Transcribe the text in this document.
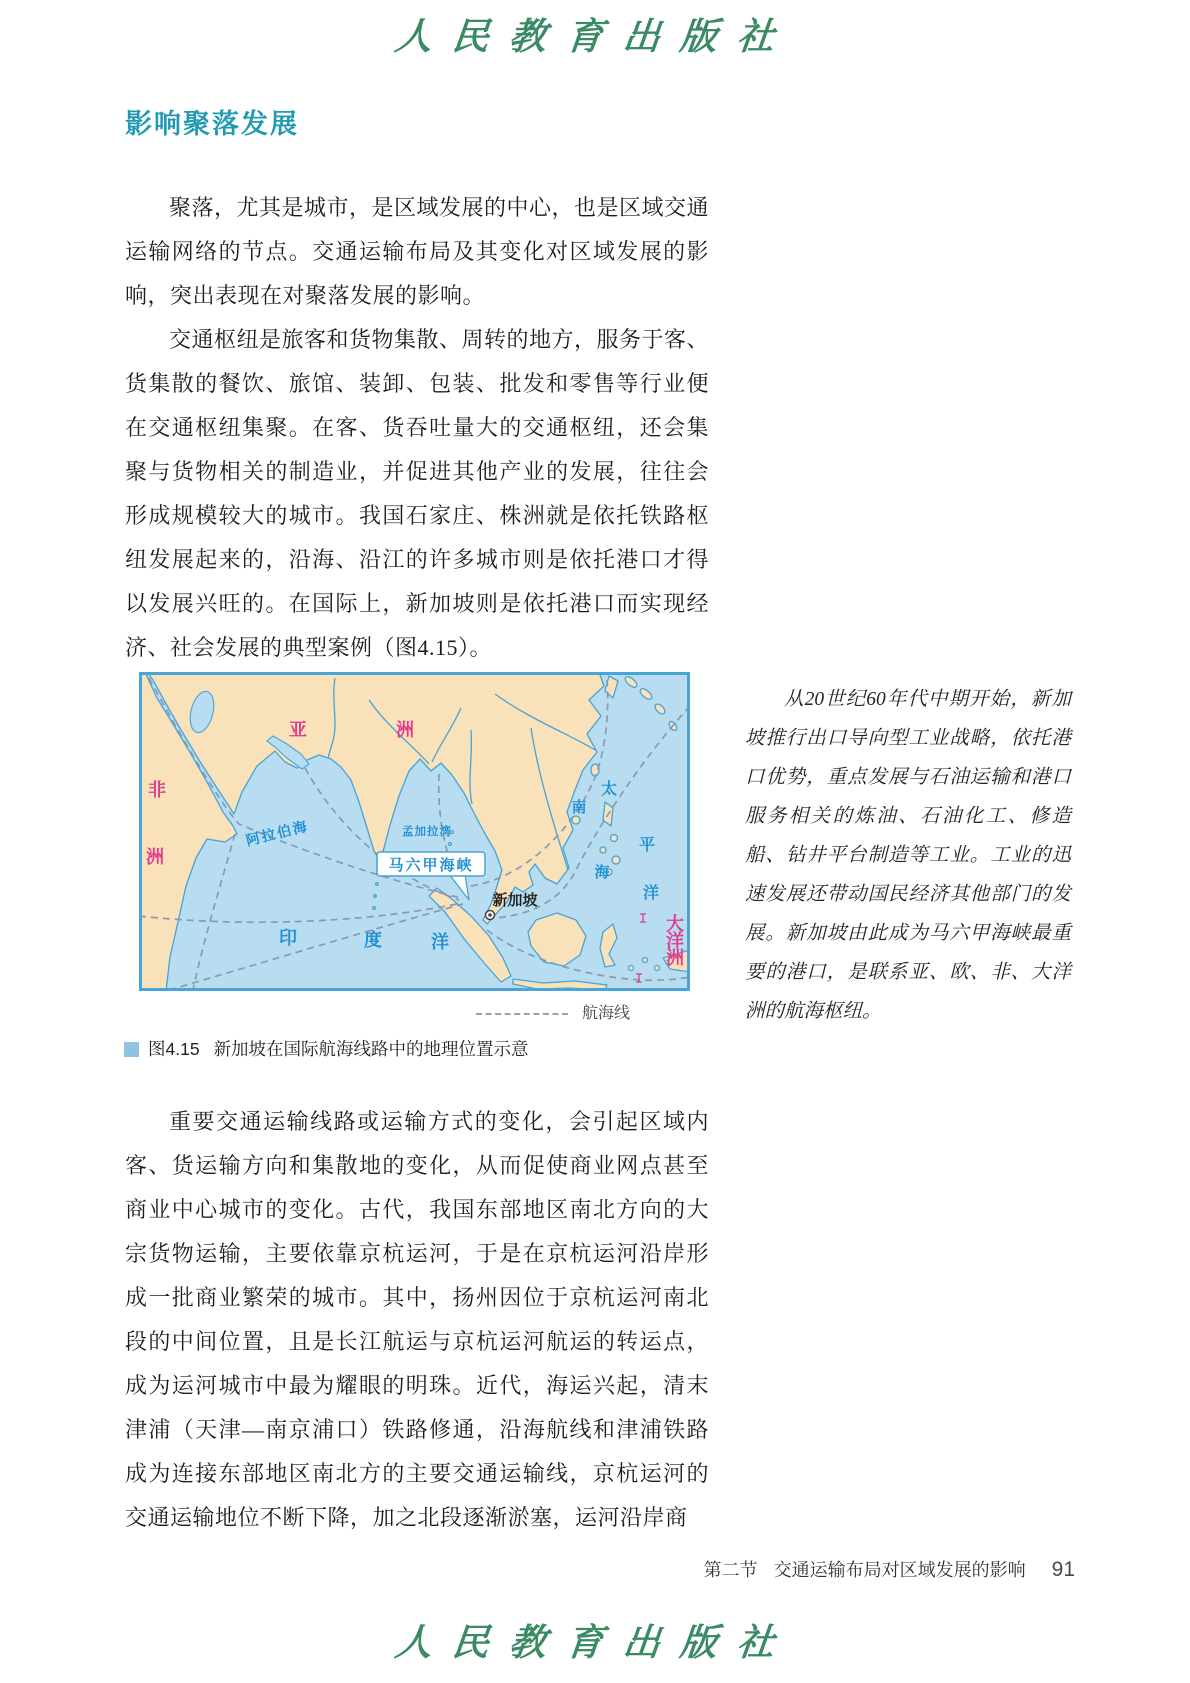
人民教育出版社
影响聚落发展

聚落，尤其是城市，是区域发展的中心，也是区域交通运输网络的节点。交通运输布局及其变化对区域发展的影响，突出表现在对聚落发展的影响。

交通枢纽是旅客和货物集散、周转的地方，服务于客、货集散的餐饮、旅馆、装卸、包装、批发和零售等行业便在交通枢纽集聚。在客、货吞吐量大的交通枢纽，还会集聚与货物相关的制造业，并促进其他产业的发展，往往会形成规模较大的城市。我国石家庄、株洲就是依托铁路枢纽发展起来的，沿海、沿江的许多城市则是依托港口才得以发展兴旺的。在国际上，新加坡则是依托港口而实现经济、社会发展的典型案例（图4.15）。

马六甲海峡
新加坡
亚	洲
非
洲
阿拉伯海	孟加拉湾
南
海
太
平
洋
印	度	洋
大
洋
洲
航海线
图4.15 新加坡在国际航海线路中的地理位置示意
从20世纪60年代中期开始，新加坡推行出口导向型工业战略，依托港口优势，重点发展与石油运输和港口服务相关的炼油、石油化工、修造船、钻井平台制造等工业。工业的迅速发展还带动国民经济其他部门的发展。新加坡由此成为马六甲海峡最重要的港口，是联系亚、欧、非、大洋洲的航海枢纽。

重要交通运输线路或运输方式的变化，会引起区域内客、货运输方向和集散地的变化，从而促使商业网点甚至商业中心城市的变化。古代，我国东部地区南北方向的大宗货物运输，主要依靠京杭运河，于是在京杭运河沿岸形成一批商业繁荣的城市。其中，扬州因位于京杭运河南北段的中间位置，且是长江航运与京杭运河航运的转运点，成为运河城市中最为耀眼的明珠。近代，海运兴起，清末津浦（天津—南京浦口）铁路修通，沿海航线和津浦铁路成为连接东部地区南北方的主要交通运输线，京杭运河的交通运输地位不断下降，加之北段逐渐淤塞，运河沿岸商

第二节 交通运输布局对区域发展的影响 91
人民教育出版社
